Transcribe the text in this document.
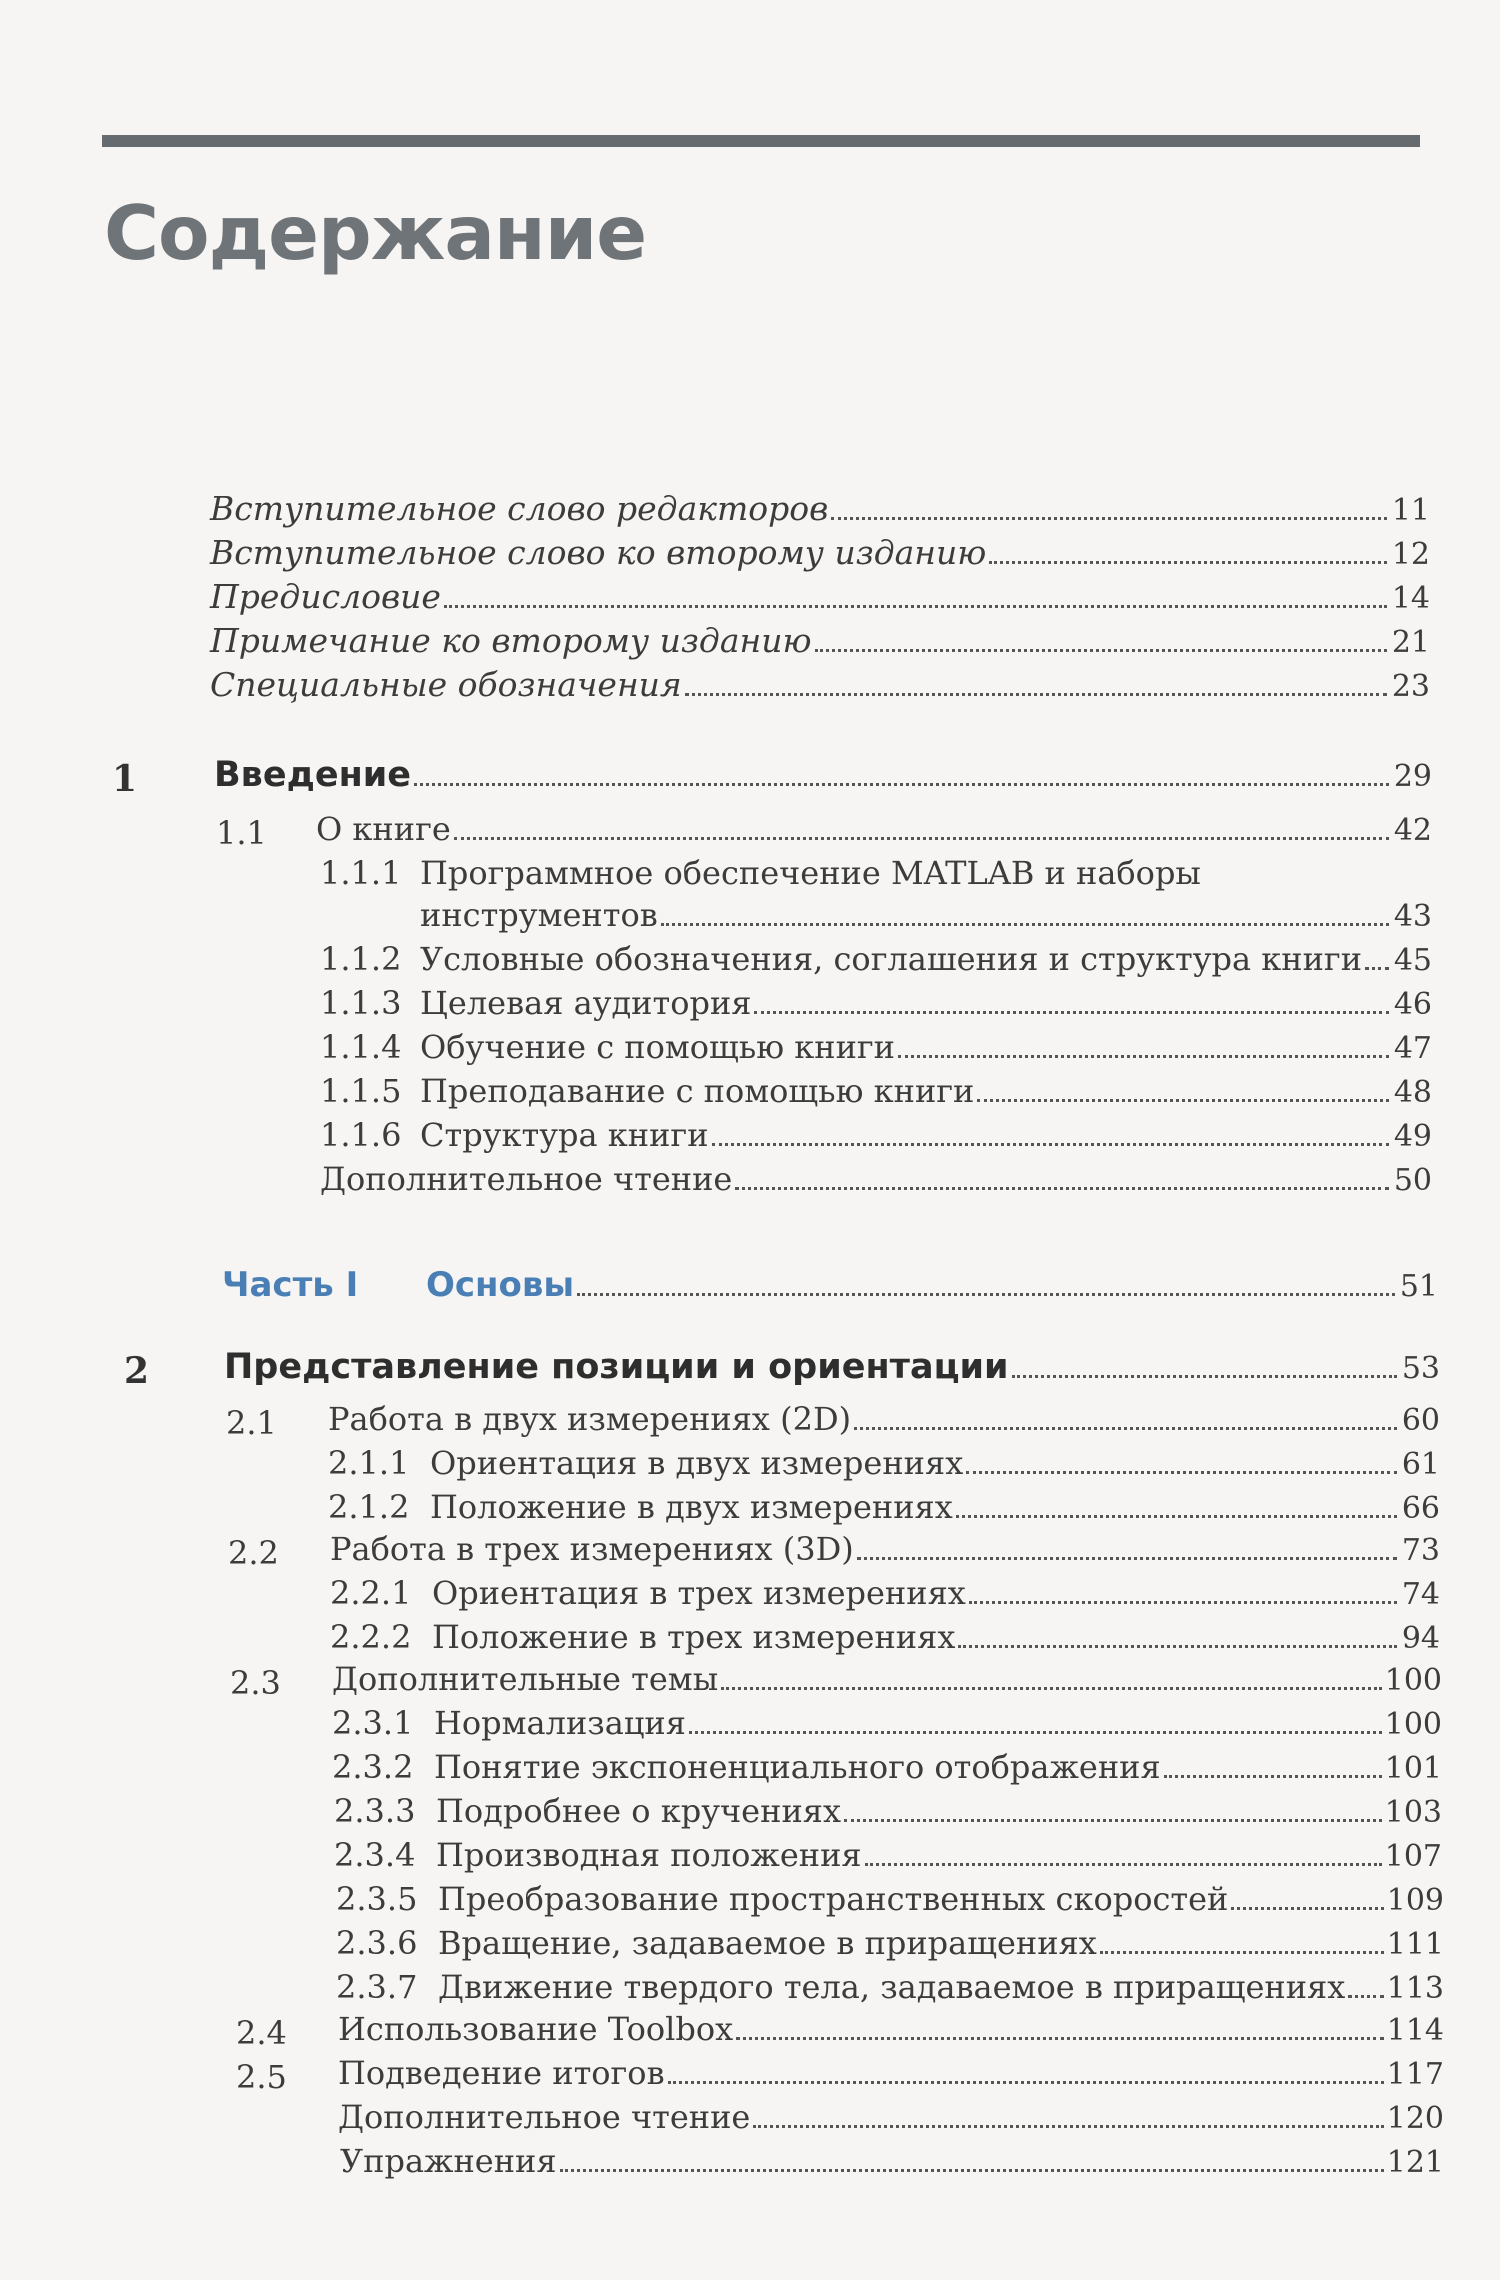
Содержание
Вступительное слово редакторов	11
Вступительное слово ко второму изданию	12
Предисловие	14
Примечание ко второму изданию	21
Специальные обозначения	23
1 Введение	29
1.1 О книге	42
1.1.1 Программное обеспечение MATLAB и наборы
инструментов	43
1.1.2 Условные обозначения, соглашения и структура книги 45
1.1.3 Целевая аудитория	46
1.1.4 Обучение с помощью книги	47
1.1.5 Преподавание с помощью книги	48
1.1.6 Структура книги	49
Дополнительное чтение	50
Часть I Основы	51
2 Представление позиции и ориентации	53
2.1 Работа в двух измерениях (2D)	60
2.1.1 Ориентация в двух измерениях	61
2.1.2 Положение в двух измерениях	66
2.2 Работа в трех измерениях (3D)	73
2.2.1 Ориентация в трех измерениях	74
2.2.2 Положение в трех измерениях	94
2.3 Дополнительные темы	100
2.3.1 Нормализация	100
2.3.2 Понятие экспоненциального отображения	101
2.3.3 Подробнее о кручениях	103
2.3.4 Производная положения	107
2.3.5 Преобразование пространственных скоростей	109
2.3.6 Вращение, задаваемое в приращениях	111
2.3.7 Движение твердого тела, задаваемое в приращениях 113
2.4 Использование Toolbox	114
2.5 Подведение итогов	117
Дополнительное чтение	120
Упражнения	121
